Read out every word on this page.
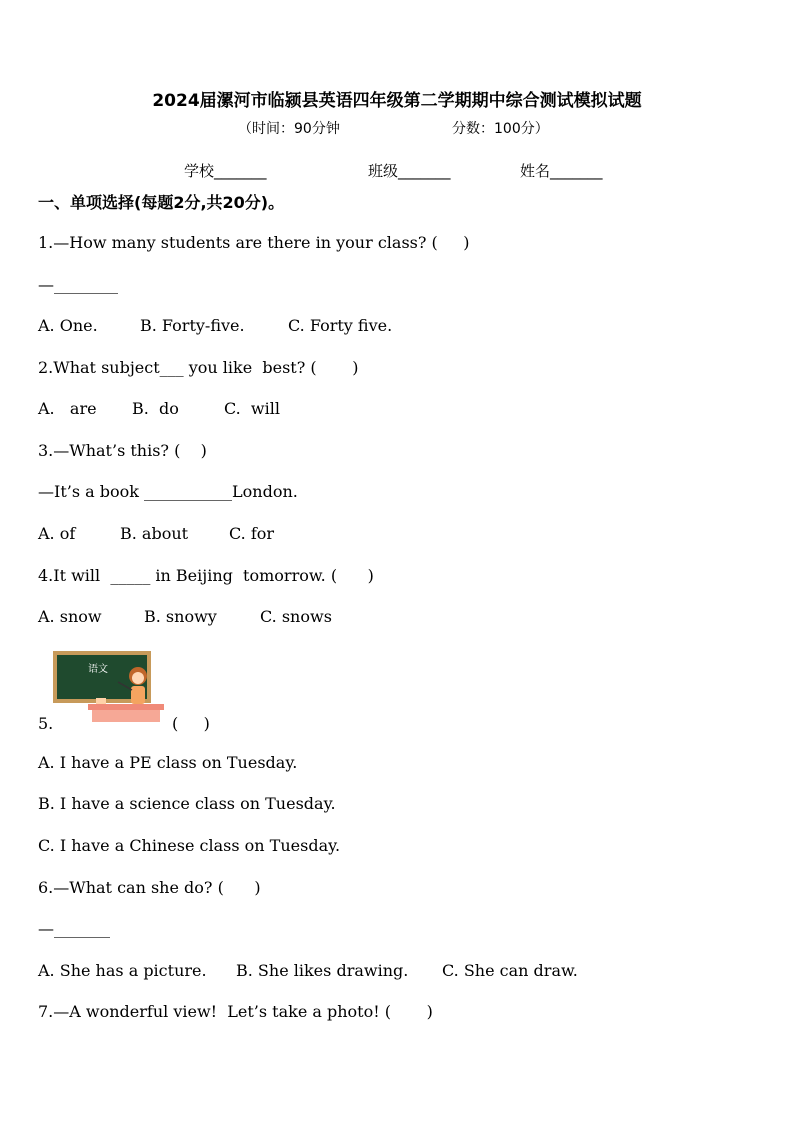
2024届漯河市临颍县英语四年级第二学期期中综合测试模拟试题
（时间：90分钟	分数：100分）
学校_______	班级_______	姓名_______
一、单项选择(每题2分,共20分)。
1.—How many students are there in your class? (     )
—________
A. One.	B. Forty-five.	C. Forty five.
2.What subject___ you like  best? (       )
A.   are B.  do	C.  will
3.—What’s this? (    )
—It’s a book ___________London.
A. of	B. about	C. for
4.It will  _____ in Beijing  tomorrow. (      )
A. snow	B. snowy	C. snows
语文
5.	(     )
A. I have a PE class on Tuesday.
B. I have a science class on Tuesday.
C. I have a Chinese class on Tuesday.
6.—What can she do? (      )
—_______
A. She has a picture. B. She likes drawing. C. She can draw.
7.—A wonderful view!  Let’s take a photo! (       )
